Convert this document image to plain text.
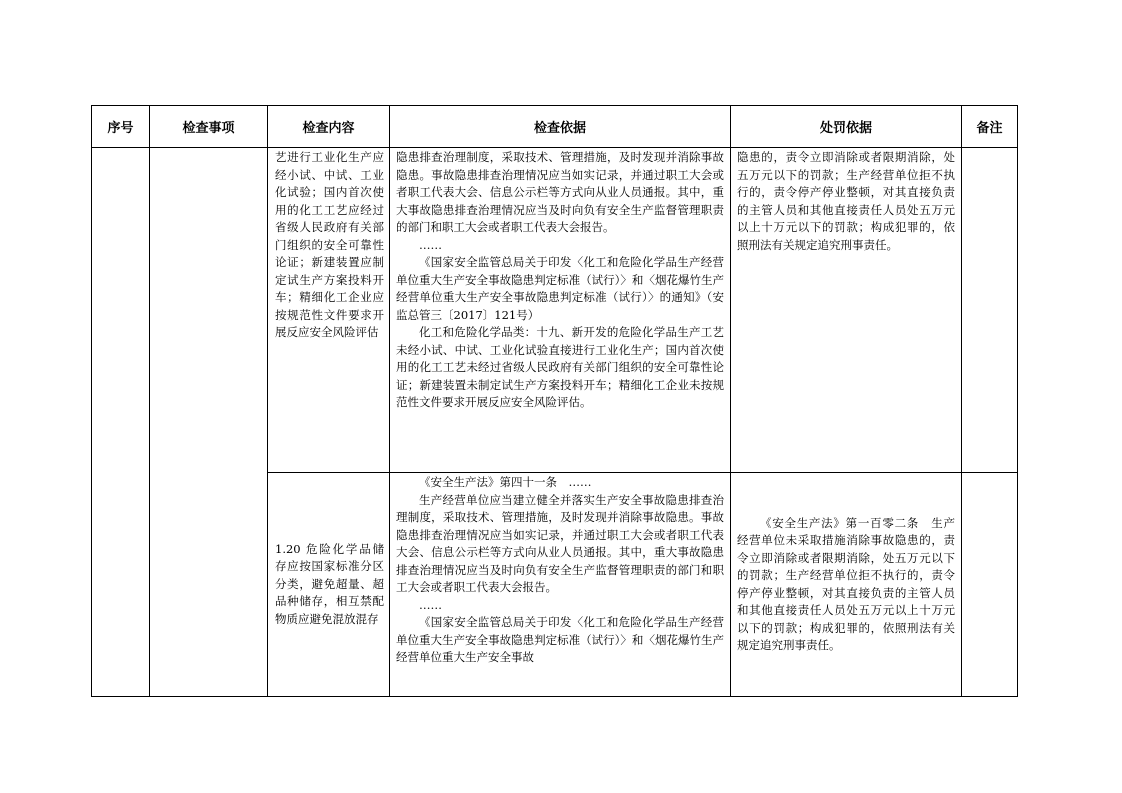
序号	检查事项	检查内容	检查依据	处罚依据	备注

		艺进行工业化生产应经小试、中试、工业化试验；国内首次使用的化工工艺应经过省级人民政府有关部门组织的安全可靠性论证；新建装置应制定试生产方案投料开车；精细化工企业应按规范性文件要求开展反应安全风险评估	隐患排查治理制度，采取技术、管理措施，及时发现并消除事故隐患。事故隐患排查治理情况应当如实记录，并通过职工大会或者职工代表大会、信息公示栏等方式向从业人员通报。其中，重大事故隐患排查治理情况应当及时向负有安全生产监督管理职责的部门和职工大会或者职工代表大会报告。

……

《国家安全监管总局关于印发〈化工和危险化学品生产经营单位重大生产安全事故隐患判定标准（试行）〉和〈烟花爆竹生产经营单位重大生产安全事故隐患判定标准（试行）〉的通知》（安监总管三〔2017〕121号）

化工和危险化学品类：十九、新开发的危险化学品生产工艺未经小试、中试、工业化试验直接进行工业化生产；国内首次使用的化工工艺未经过省级人民政府有关部门组织的安全可靠性论证；新建装置未制定试生产方案投料开车；精细化工企业未按规范性文件要求开展反应安全风险评估。	隐患的，责令立即消除或者限期消除，处五万元以下的罚款；生产经营单位拒不执行的，责令停产停业整顿，对其直接负责的主管人员和其他直接责任人员处五万元以上十万元以下的罚款；构成犯罪的，依照刑法有关规定追究刑事责任。	

		1.20 危险化学品储存应按国家标准分区分类，避免超量、超品种储存，相互禁配物质应避免混放混存	《安全生产法》第四十一条　……

生产经营单位应当建立健全并落实生产安全事故隐患排查治理制度，采取技术、管理措施，及时发现并消除事故隐患。事故隐患排查治理情况应当如实记录，并通过职工大会或者职工代表大会、信息公示栏等方式向从业人员通报。其中，重大事故隐患排查治理情况应当及时向负有安全生产监督管理职责的部门和职工大会或者职工代表大会报告。

……

《国家安全监管总局关于印发〈化工和危险化学品生产经营单位重大生产安全事故隐患判定标准（试行）〉和〈烟花爆竹生产经营单位重大生产安全事故	《安全生产法》第一百零二条　生产经营单位未采取措施消除事故隐患的，责令立即消除或者限期消除，处五万元以下的罚款；生产经营单位拒不执行的，责令停产停业整顿，对其直接负责的主管人员和其他直接责任人员处五万元以上十万元以下的罚款；构成犯罪的，依照刑法有关规定追究刑事责任。	
